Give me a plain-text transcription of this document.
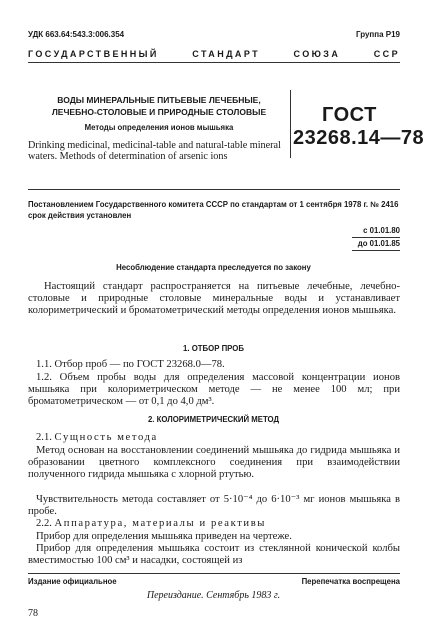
УДК 663.64:543.3:006.354	Группа Р19
ГОСУДАРСТВЕННЫЙ	СТАНДАРТ	СОЮЗА	ССР
ВОДЫ МИНЕРАЛЬНЫЕ ПИТЬЕВЫЕ ЛЕЧЕБНЫЕ,
ЛЕЧЕБНО-СТОЛОВЫЕ И ПРИРОДНЫЕ СТОЛОВЫЕ
Методы определения ионов мышьяка
Drinking medicinal, medicinal-table and natural-table mineral waters. Methods of determination of arsenic ions
ГОСТ
23268.14—78
Постановлением Государственного комитета СССР по стандартам от 1 сентября 1978 г. № 2416 срок действия установлен
с 01.01.80
до 01.01.85
Несоблюдение стандарта преследуется по закону
Настоящий стандарт распространяется на питьевые лечебные, лечебно-столовые и природные столовые минеральные воды и устанавливает колориметрический и броматометрический методы определения ионов мышьяка.
1. ОТБОР ПРОБ
1.1. Отбор проб — по ГОСТ 23268.0—78.
1.2. Объем пробы воды для определения массовой концентрации ионов мышьяка при колориметрическом методе — не менее 100 мл; при броматометрическом — от 0,1 до 4,0 дм³.
2. КОЛОРИМЕТРИЧЕСКИЙ МЕТОД
2.1. Сущность метода
Метод основан на восстановлении соединений мышьяка до гидрида мышьяка и образовании цветного комплексного соединения при взаимодействии полученного гидрида мышьяка с хлорной ртутью.
Чувствительность метода составляет от 5·10⁻⁴ до 6·10⁻³ мг ионов мышьяка в пробе.
2.2. Аппаратура, материалы и реактивы
Прибор для определения мышьяка приведен на чертеже.
Прибор для определения мышьяка состоит из стеклянной конической колбы вместимостью 100 см³ и насадки, состоящей из
Издание официальное	Перепечатка воспрещена
Переиздание. Сентябрь 1983 г.
78
